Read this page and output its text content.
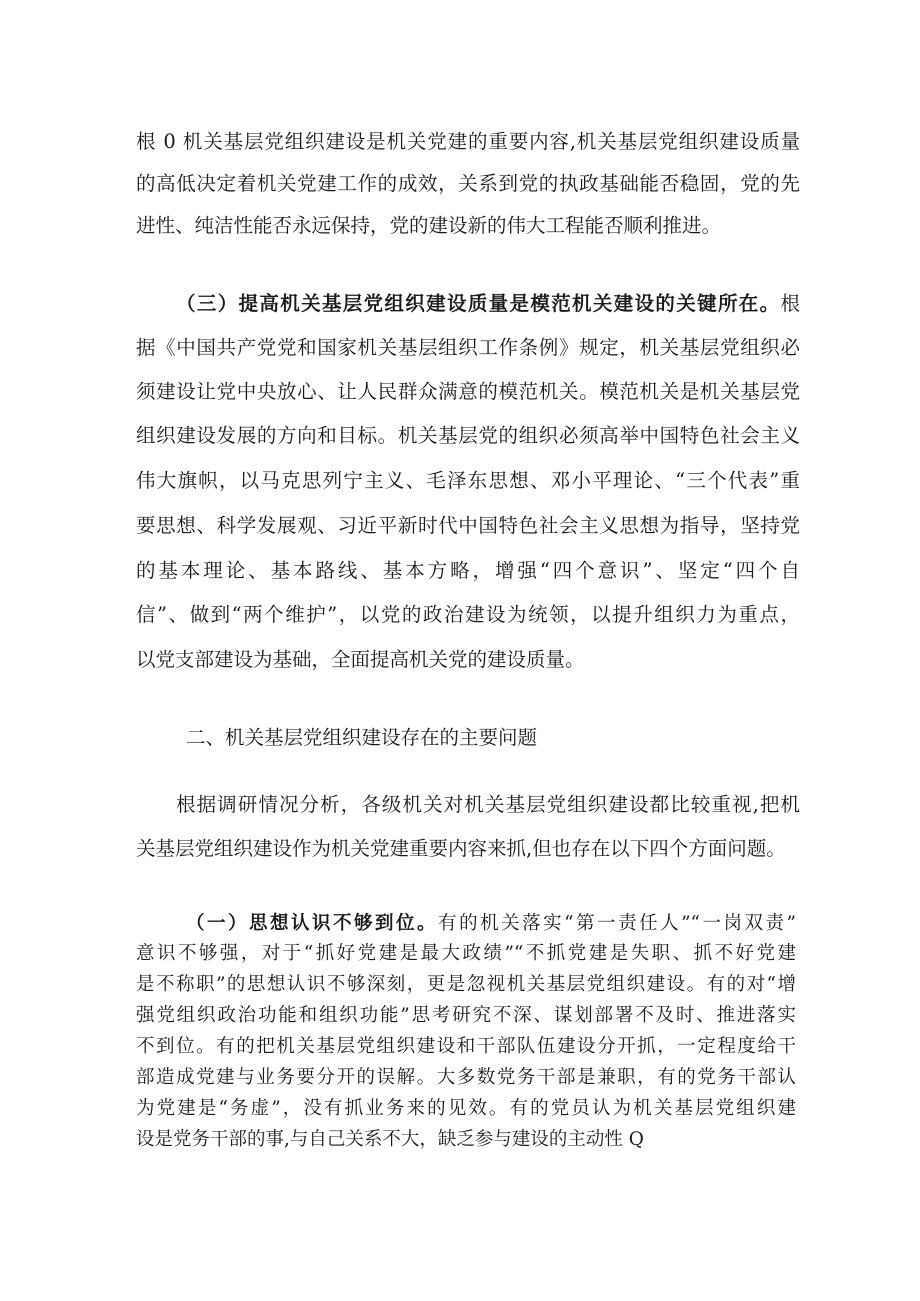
根 0 机关基层党组织建设是机关党建的重要内容,机关基层党组织建设质量
的高低决定着机关党建工作的成效，关系到党的执政基础能否稳固，党的先
进性、纯洁性能否永远保持，党的建设新的伟大工程能否顺利推进。
（三）提高机关基层党组织建设质量是模范机关建设的关键所在。根
据《中国共产党党和国家机关基层组织工作条例》规定，机关基层党组织必
须建设让党中央放心、让人民群众满意的模范机关。模范机关是机关基层党
组织建设发展的方向和目标。机关基层党的组织必须高举中国特色社会主义
伟大旗帜，以马克思列宁主义、毛泽东思想、邓小平理论、“三个代表”重
要思想、科学发展观、习近平新时代中国特色社会主义思想为指导，坚持党
的基本理论、基本路线、基本方略，增强“四个意识”、坚定“四个自
信”、做到“两个维护”，以党的政治建设为统领，以提升组织力为重点，
以党支部建设为基础，全面提高机关党的建设质量。
二、机关基层党组织建设存在的主要问题
根据调研情况分析，各级机关对机关基层党组织建设都比较重视,把机
关基层党组织建设作为机关党建重要内容来抓,但也存在以下四个方面问题。
（一）思想认识不够到位。有的机关落实“第一责任人”“一岗双责”
意识不够强，对于“抓好党建是最大政绩”“不抓党建是失职、抓不好党建
是不称职”的思想认识不够深刻，更是忽视机关基层党组织建设。有的对“增
强党组织政治功能和组织功能”思考研究不深、谋划部署不及时、推进落实
不到位。有的把机关基层党组织建设和干部队伍建设分开抓，一定程度给干
部造成党建与业务要分开的误解。大多数党务干部是兼职，有的党务干部认
为党建是“务虚”，没有抓业务来的见效。有的党员认为机关基层党组织建
设是党务干部的事,与自己关系不大，缺乏参与建设的主动性 Q
